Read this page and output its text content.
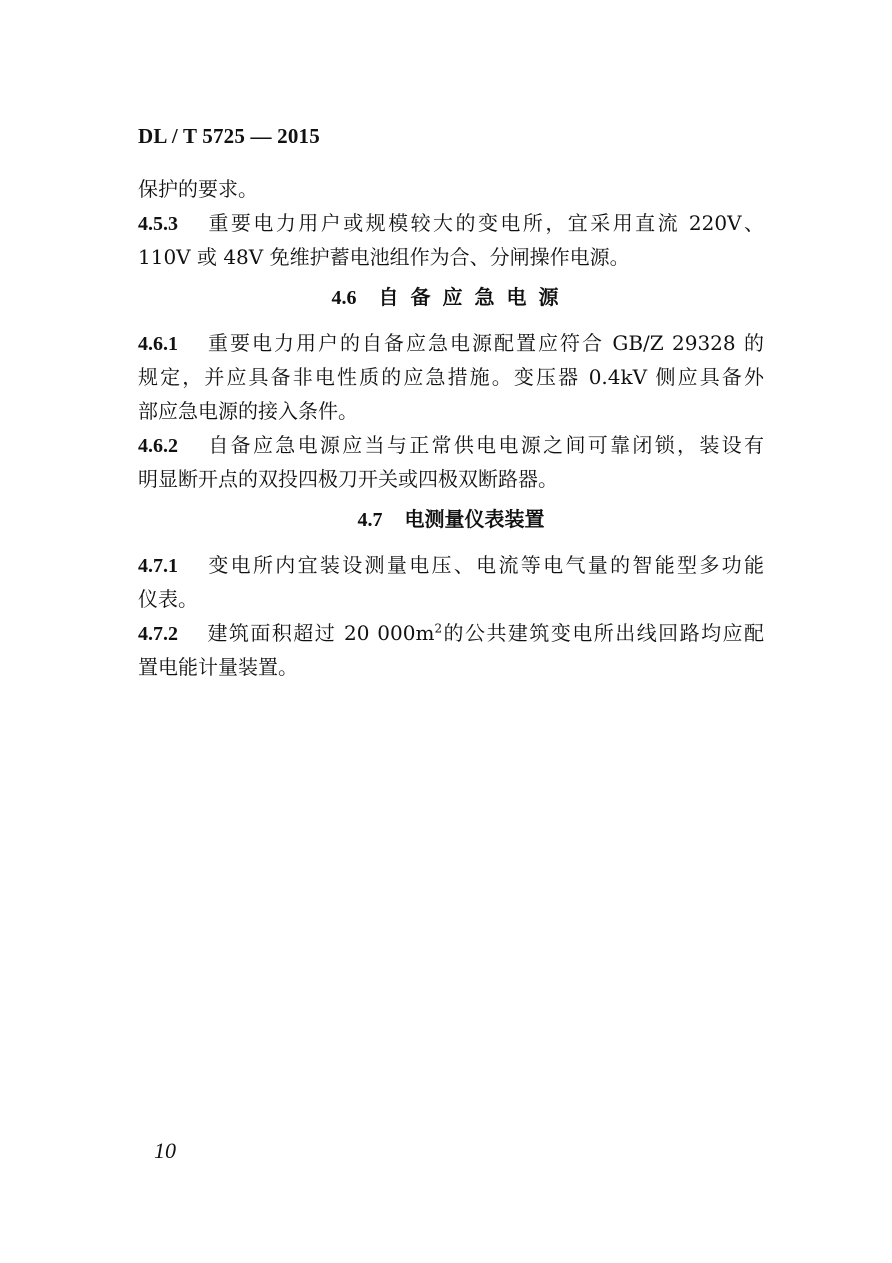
DL / T 5725 — 2015
保护的要求。
4.5.3 重要电力用户或规模较大的变电所，宜采用直流 220V、
110V 或 48V 免维护蓄电池组作为合、分闸操作电源。
4.6 自备应急电源
4.6.1 重要电力用户的自备应急电源配置应符合 GB/Z 29328 的
规定，并应具备非电性质的应急措施。变压器 0.4kV 侧应具备外
部应急电源的接入条件。
4.6.2 自备应急电源应当与正常供电电源之间可靠闭锁，装设有
明显断开点的双投四极刀开关或四极双断路器。
4.7 电测量仪表装置
4.7.1 变电所内宜装设测量电压、电流等电气量的智能型多功能
仪表。
4.7.2 建筑面积超过 20 $000m^2$的公共建筑变电所出线回路均应配
置电能计量装置。
10
